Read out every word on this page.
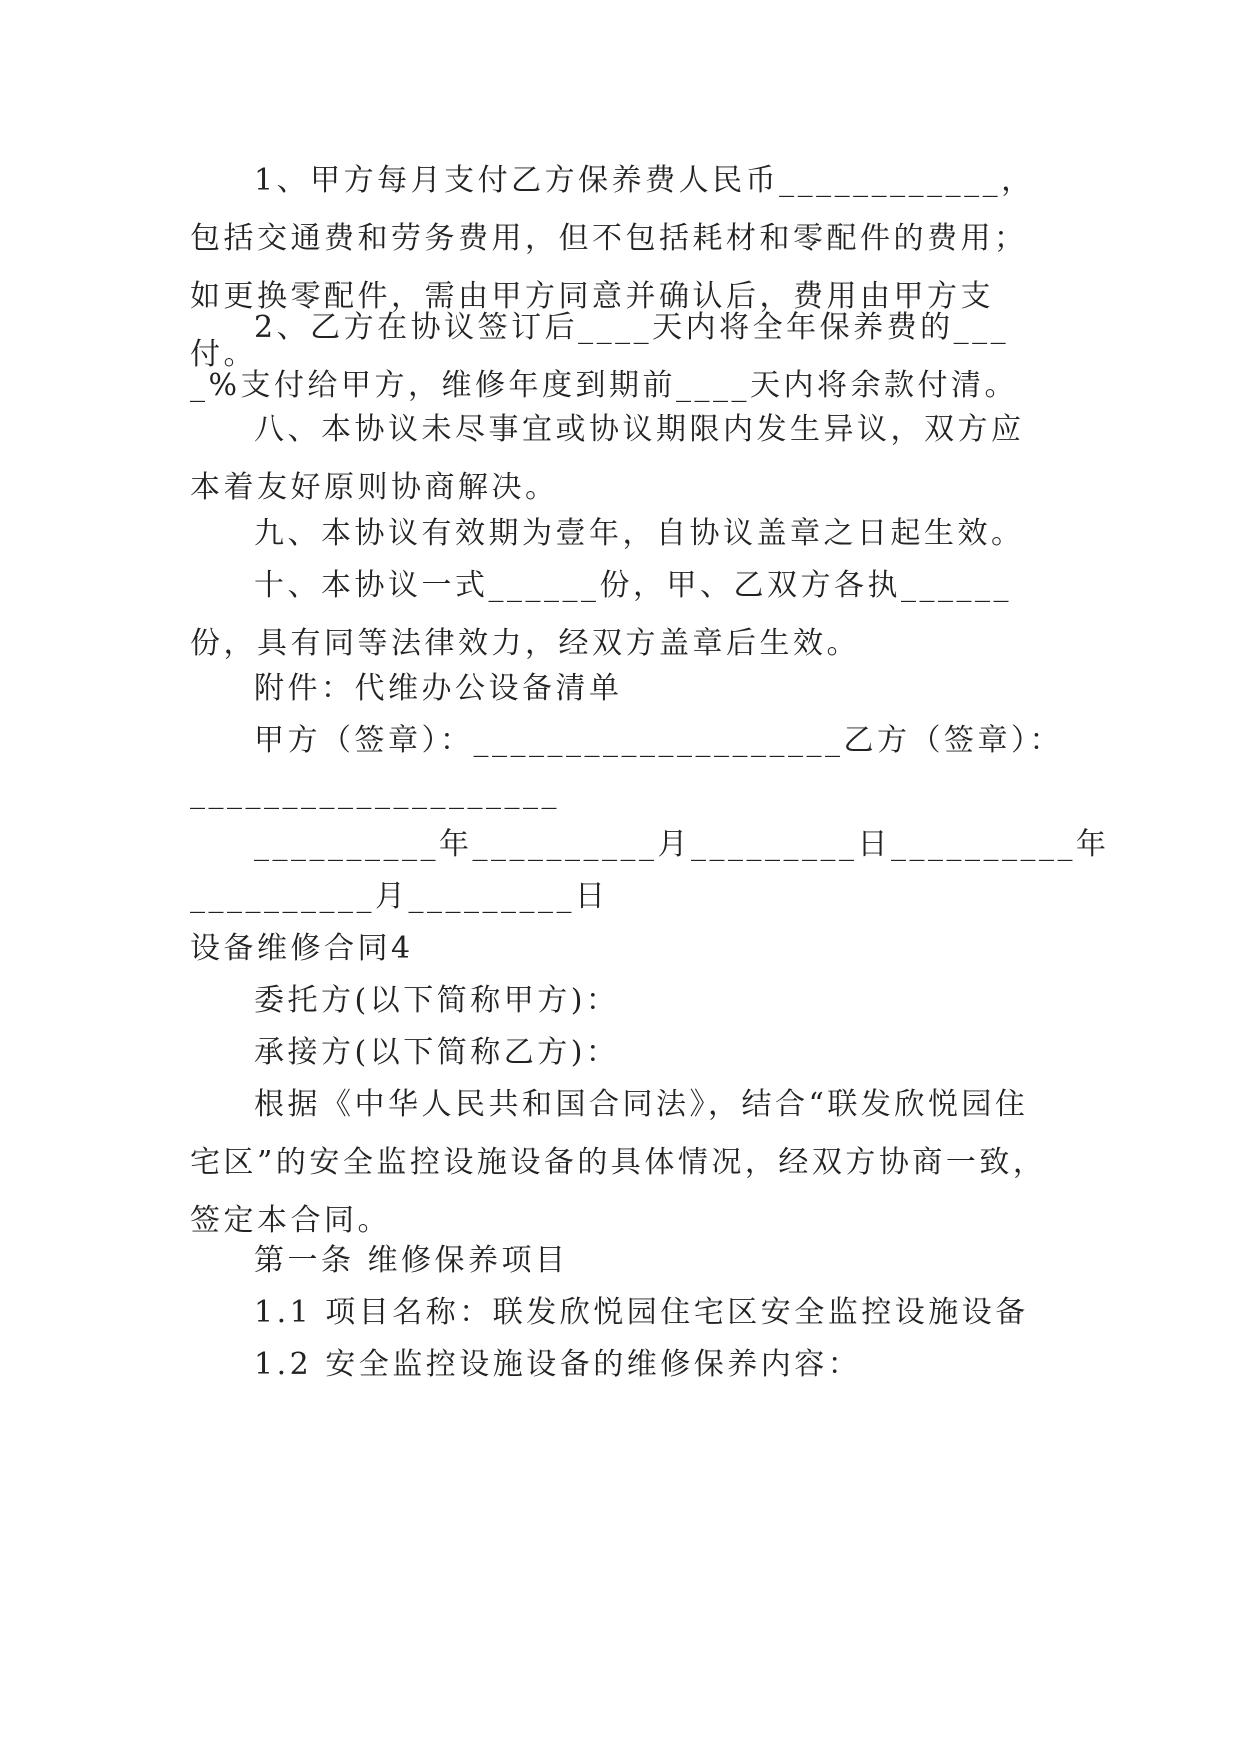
1、甲方每月支付乙方保养费人民币____________，包括交通费和劳务费用，但不包括耗材和零配件的费用；如更换零配件，需由甲方同意并确认后，费用由甲方支付。

2、乙方在协议签订后____天内将全年保养费的____%支付给甲方，维修年度到期前____天内将余款付清。

八、本协议未尽事宜或协议期限内发生异议，双方应本着友好原则协商解决。

九、本协议有效期为壹年，自协议盖章之日起生效。

十、本协议一式______份，甲、乙双方各执______份，具有同等法律效力，经双方盖章后生效。

附件：代维办公设备清单

甲方（签章）：____________________乙方（签章）：

____________________

__________年__________月_________日__________年

__________月_________日

设备维修合同4

委托方(以下简称甲方)：

承接方(以下简称乙方)：

根据《中华人民共和国合同法》，结合“联发欣悦园住宅区”的安全监控设施设备的具体情况，经双方协商一致，签定本合同。

第一条 维修保养项目

1.1 项目名称：联发欣悦园住宅区安全监控设施设备

1.2 安全监控设施设备的维修保养内容：
